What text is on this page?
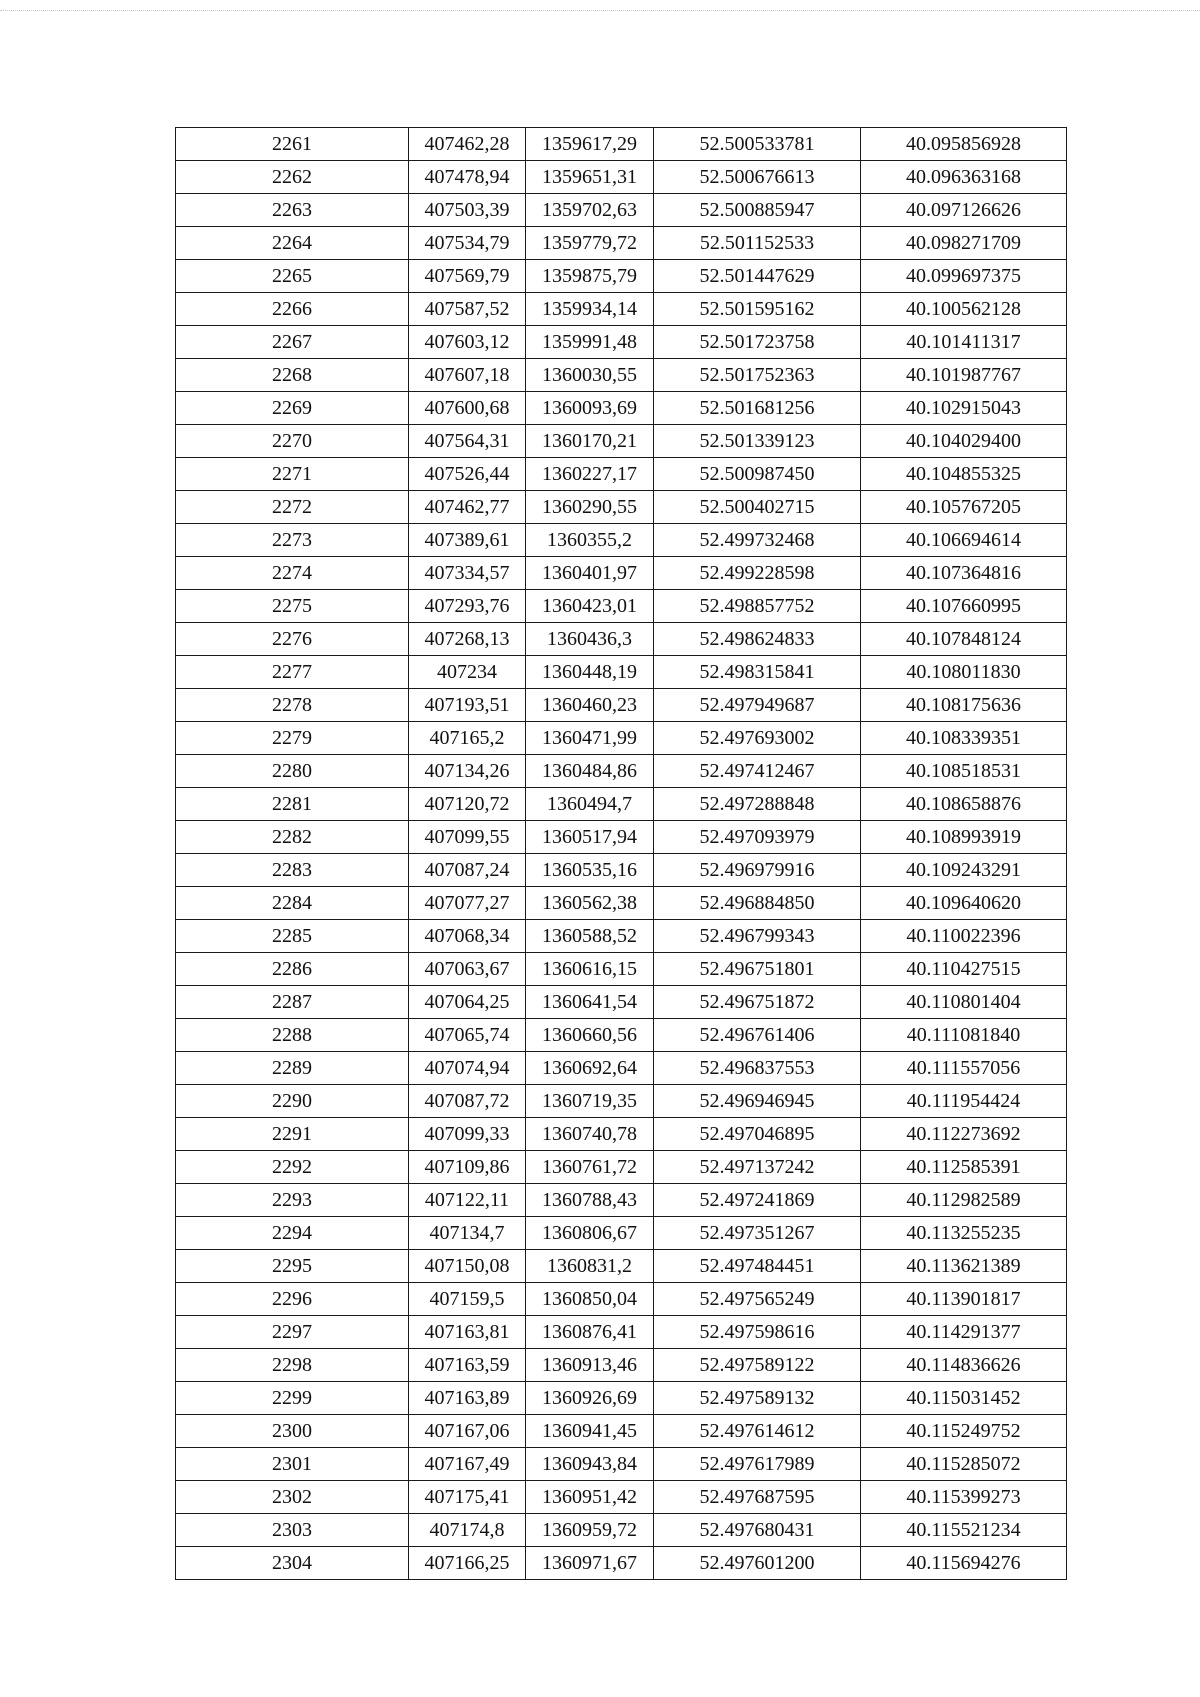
2261	407462,28	1359617,29	52.500533781	40.095856928
2262	407478,94	1359651,31	52.500676613	40.096363168
2263	407503,39	1359702,63	52.500885947	40.097126626
2264	407534,79	1359779,72	52.501152533	40.098271709
2265	407569,79	1359875,79	52.501447629	40.099697375
2266	407587,52	1359934,14	52.501595162	40.100562128
2267	407603,12	1359991,48	52.501723758	40.101411317
2268	407607,18	1360030,55	52.501752363	40.101987767
2269	407600,68	1360093,69	52.501681256	40.102915043
2270	407564,31	1360170,21	52.501339123	40.104029400
2271	407526,44	1360227,17	52.500987450	40.104855325
2272	407462,77	1360290,55	52.500402715	40.105767205
2273	407389,61	1360355,2	52.499732468	40.106694614
2274	407334,57	1360401,97	52.499228598	40.107364816
2275	407293,76	1360423,01	52.498857752	40.107660995
2276	407268,13	1360436,3	52.498624833	40.107848124
2277	407234	1360448,19	52.498315841	40.108011830
2278	407193,51	1360460,23	52.497949687	40.108175636
2279	407165,2	1360471,99	52.497693002	40.108339351
2280	407134,26	1360484,86	52.497412467	40.108518531
2281	407120,72	1360494,7	52.497288848	40.108658876
2282	407099,55	1360517,94	52.497093979	40.108993919
2283	407087,24	1360535,16	52.496979916	40.109243291
2284	407077,27	1360562,38	52.496884850	40.109640620
2285	407068,34	1360588,52	52.496799343	40.110022396
2286	407063,67	1360616,15	52.496751801	40.110427515
2287	407064,25	1360641,54	52.496751872	40.110801404
2288	407065,74	1360660,56	52.496761406	40.111081840
2289	407074,94	1360692,64	52.496837553	40.111557056
2290	407087,72	1360719,35	52.496946945	40.111954424
2291	407099,33	1360740,78	52.497046895	40.112273692
2292	407109,86	1360761,72	52.497137242	40.112585391
2293	407122,11	1360788,43	52.497241869	40.112982589
2294	407134,7	1360806,67	52.497351267	40.113255235
2295	407150,08	1360831,2	52.497484451	40.113621389
2296	407159,5	1360850,04	52.497565249	40.113901817
2297	407163,81	1360876,41	52.497598616	40.114291377
2298	407163,59	1360913,46	52.497589122	40.114836626
2299	407163,89	1360926,69	52.497589132	40.115031452
2300	407167,06	1360941,45	52.497614612	40.115249752
2301	407167,49	1360943,84	52.497617989	40.115285072
2302	407175,41	1360951,42	52.497687595	40.115399273
2303	407174,8	1360959,72	52.497680431	40.115521234
2304	407166,25	1360971,67	52.497601200	40.115694276
